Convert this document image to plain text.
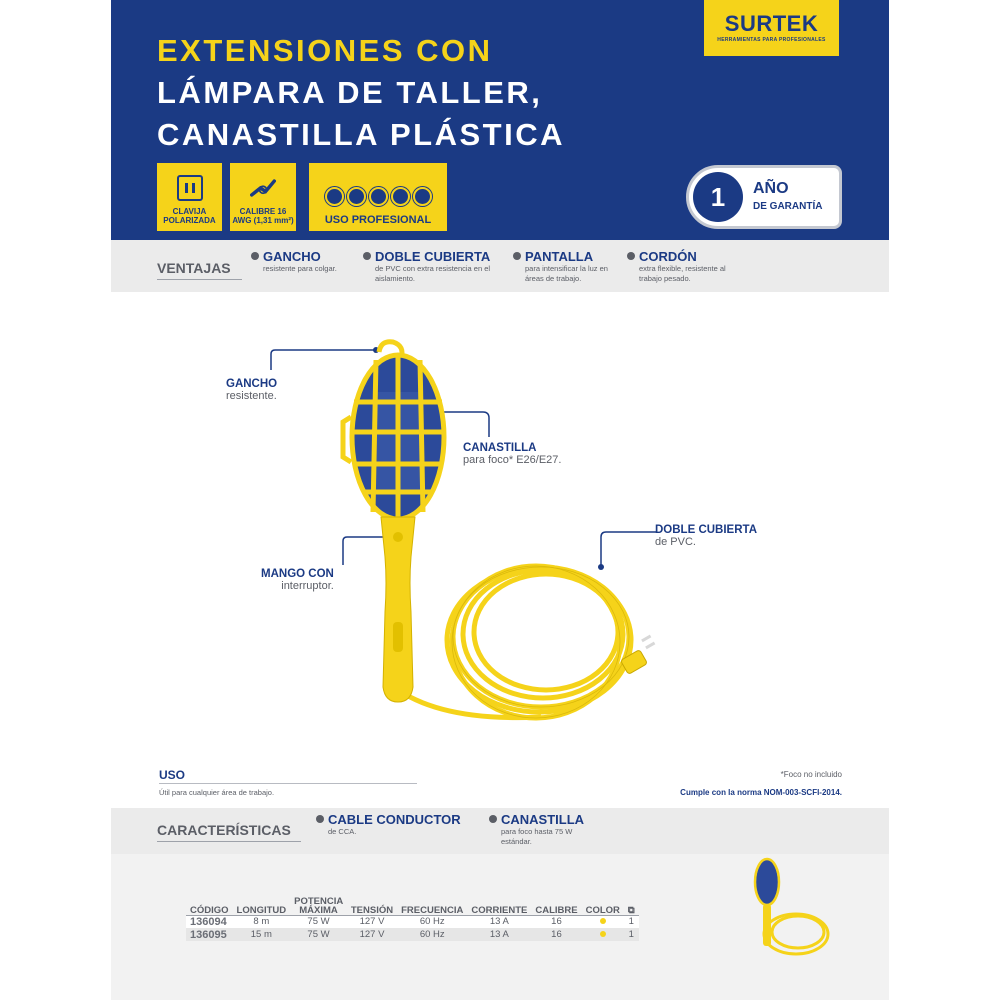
EXTENSIONES CON
LÁMPARA DE TALLER,
CANASTILLA PLÁSTICA
SURTEK
HERRAMIENTAS PARA PROFESIONALES
CLAVIJA POLARIZADA
CALIBRE 16 AWG (1,31 mm²)	USO PROFESIONAL
1	AÑO
DE GARANTÍA
VENTAJAS
GANCHO
resistente para colgar.
DOBLE CUBIERTA
de PVC con extra resistencia en el aislamiento.
PANTALLA
para intensificar la luz en áreas de trabajo.
CORDÓN
extra flexible, resistente al trabajo pesado.
GANCHO
resistente.
CANASTILLA
para foco* E26/E27.
MANGO CON
interruptor.
DOBLE CUBIERTA
de PVC.
USO
Útil para cualquier área de trabajo.
*Foco no incluido
Cumple con la norma NOM-003-SCFI-2014.
CARACTERÍSTICAS
CABLE CONDUCTOR
de CCA.
CANASTILLA
para foco hasta 75 W estándar.
CÓDIGO	LONGITUD	POTENCIA MÁXIMA	TENSIÓN	FRECUENCIA	CORRIENTE	CALIBRE	COLOR	⧉
136094	8 m	75 W	127 V	60 Hz	13 A	16		1
136095	15 m	75 W	127 V	60 Hz	13 A	16		1
